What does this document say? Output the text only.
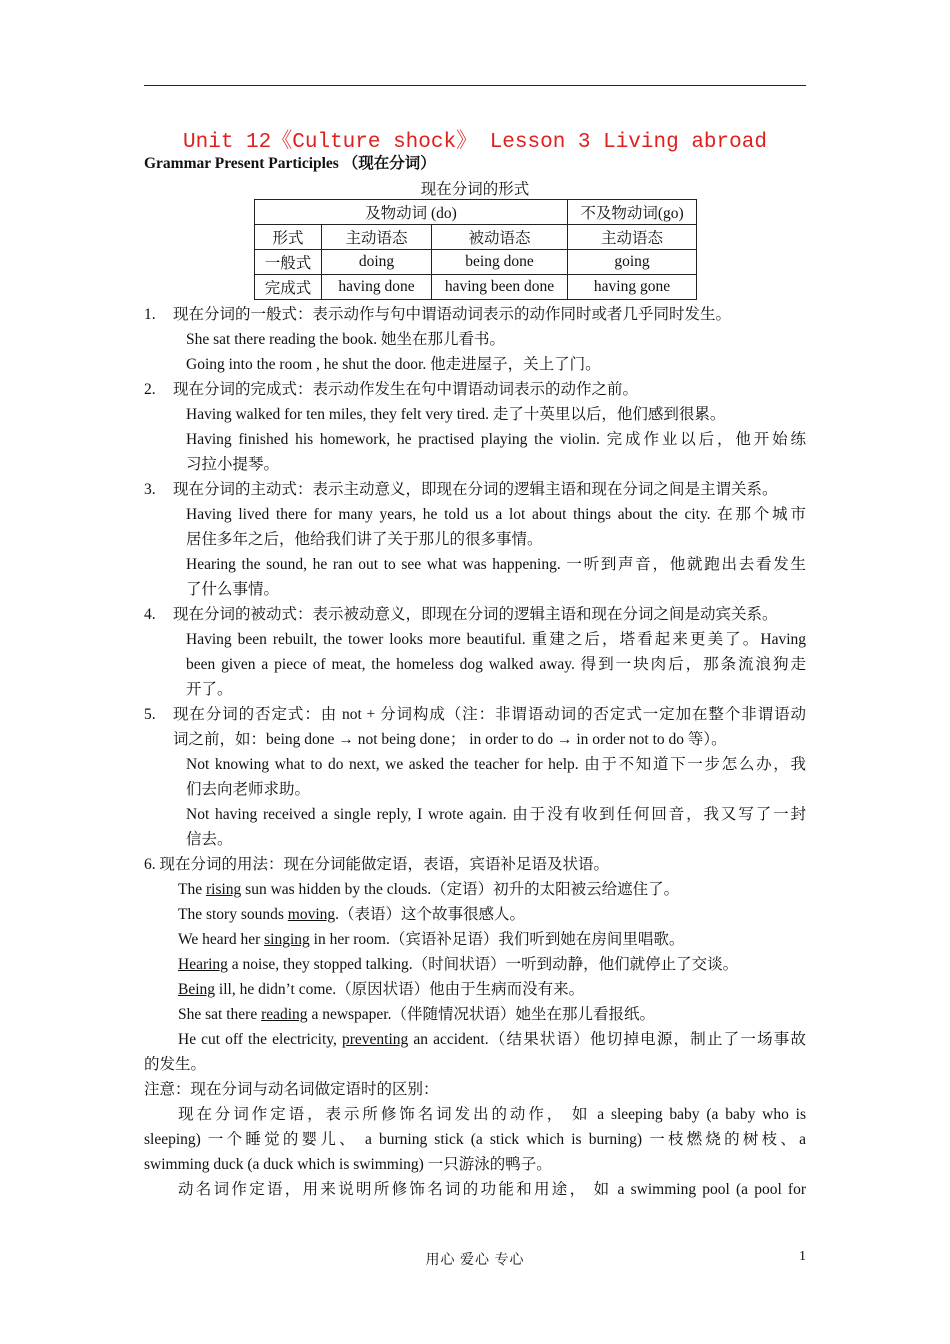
Unit 12《Culture shock》 Lesson 3 Living abroad
Grammar Present Participles （现在分词）
现在分词的形式
及物动词 (do)			不及物动词(go)
形式	主动语态	被动语态	主动语态
一般式	doing	being done	going
完成式	having done	having been done	having gone
1. 现在分词的一般式：表示动作与句中谓语动词表示的动作同时或者几乎同时发生。
She sat there reading the book. 她坐在那儿看书。
Going into the room , he shut the door. 他走进屋子，关上了门。
2. 现在分词的完成式：表示动作发生在句中谓语动词表示的动作之前。
Having walked for ten miles, they felt very tired. 走了十英里以后，他们感到很累。
Having finished his homework, he practised playing the violin. 完成作业以后，他开始练
习拉小提琴。
3. 现在分词的主动式：表示主动意义，即现在分词的逻辑主语和现在分词之间是主谓关系。
Having lived there for many years, he told us a lot about things about the city. 在那个城市
居住多年之后，他给我们讲了关于那儿的很多事情。
Hearing the sound, he ran out to see what was happening. 一听到声音，他就跑出去看发生
了什么事情。
4. 现在分词的被动式：表示被动意义，即现在分词的逻辑主语和现在分词之间是动宾关系。
Having been rebuilt, the tower looks more beautiful. 重建之后，塔看起来更美了。Having
been given a piece of meat, the homeless dog walked away. 得到一块肉后，那条流浪狗走
开了。
5. 现在分词的否定式：由 not + 分词构成（注：非谓语动词的否定式一定加在整个非谓语动
词之前，如：being done → not being done； in order to do → in order not to do 等）。
Not knowing what to do next, we asked the teacher for help. 由于不知道下一步怎么办，我
们去向老师求助。
Not having received a single reply, I wrote again. 由于没有收到任何回音，我又写了一封
信去。
6. 现在分词的用法：现在分词能做定语，表语，宾语补足语及状语。
The rising sun was hidden by the clouds.（定语）初升的太阳被云给遮住了。
The story sounds moving.（表语）这个故事很感人。
We heard her singing in her room.（宾语补足语）我们听到她在房间里唱歌。
Hearing a noise, they stopped talking.（时间状语）一听到动静，他们就停止了交谈。
Being ill, he didn’t come.（原因状语）他由于生病而没有来。
She sat there reading a newspaper.（伴随情况状语）她坐在那儿看报纸。
He cut off the electricity, preventing an accident.（结果状语）他切掉电源，制止了一场事故
的发生。
注意：现在分词与动名词做定语时的区别：
现在分词作定语，表示所修饰名词发出的动作， 如 a sleeping baby (a baby who is
sleeping) 一个睡觉的婴儿、 a burning stick (a stick which is burning) 一枝燃烧的树枝、a
swimming duck (a duck which is swimming) 一只游泳的鸭子。
动名词作定语，用来说明所修饰名词的功能和用途， 如 a swimming pool (a pool for
用心 爱心 专心	1
